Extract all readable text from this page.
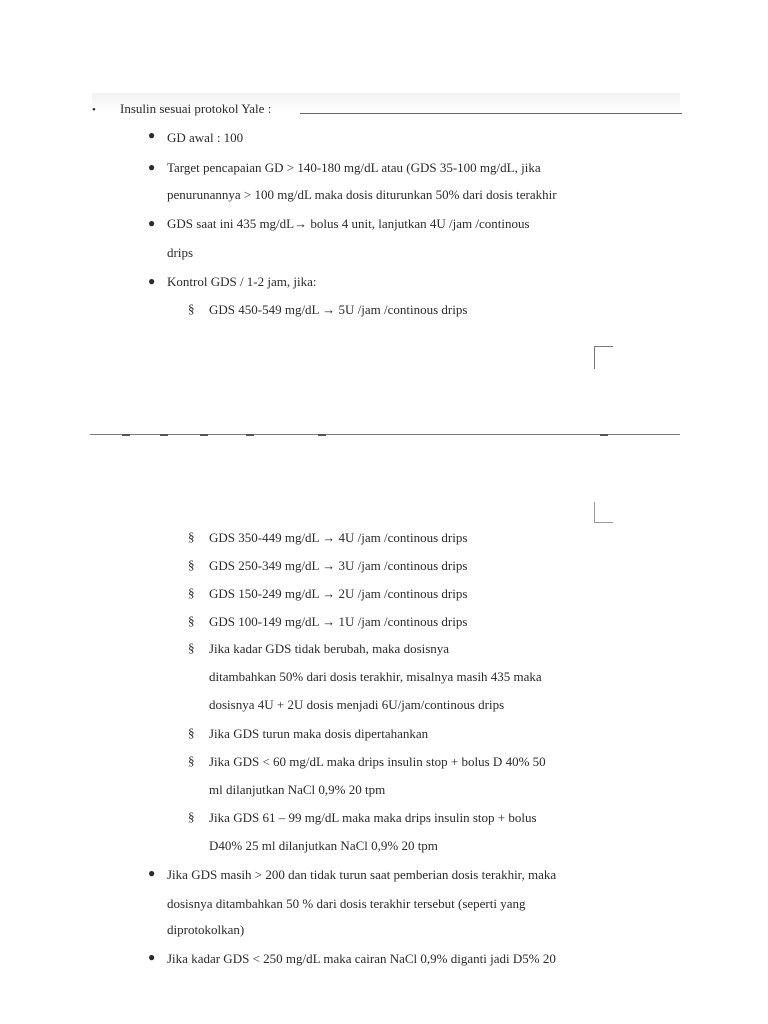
• Insulin sesuai protokol Yale :
● GD awal : 100
● Target pencapaian GD > 140-180 mg/dL atau (GDS 35-100 mg/dL, jika
penurunannya > 100 mg/dL maka dosis diturunkan 50% dari dosis terakhir
● GDS saat ini 435 mg/dL→ bolus 4 unit, lanjutkan 4U /jam /continous
drips
● Kontrol GDS / 1-2 jam, jika:
§ GDS 450-549 mg/dL → 5U /jam /continous drips
§ GDS 350-449 mg/dL → 4U /jam /continous drips
§ GDS 250-349 mg/dL → 3U /jam /continous drips
§ GDS 150-249 mg/dL → 2U /jam /continous drips
§ GDS 100-149 mg/dL → 1U /jam /continous drips
§ Jika kadar GDS tidak berubah, maka dosisnya
ditambahkan 50% dari dosis terakhir, misalnya masih 435 maka
dosisnya 4U + 2U dosis menjadi 6U/jam/continous drips
§ Jika GDS turun maka dosis dipertahankan
§ Jika GDS < 60 mg/dL maka drips insulin stop + bolus D 40% 50
ml dilanjutkan NaCl 0,9% 20 tpm
§ Jika GDS 61 – 99 mg/dL maka maka drips insulin stop + bolus
D40% 25 ml dilanjutkan NaCl 0,9% 20 tpm
● Jika GDS masih > 200 dan tidak turun saat pemberian dosis terakhir, maka
dosisnya ditambahkan 50 % dari dosis terakhir tersebut (seperti yang
diprotokolkan)
● Jika kadar GDS < 250 mg/dL maka cairan NaCl 0,9% diganti jadi D5% 20
